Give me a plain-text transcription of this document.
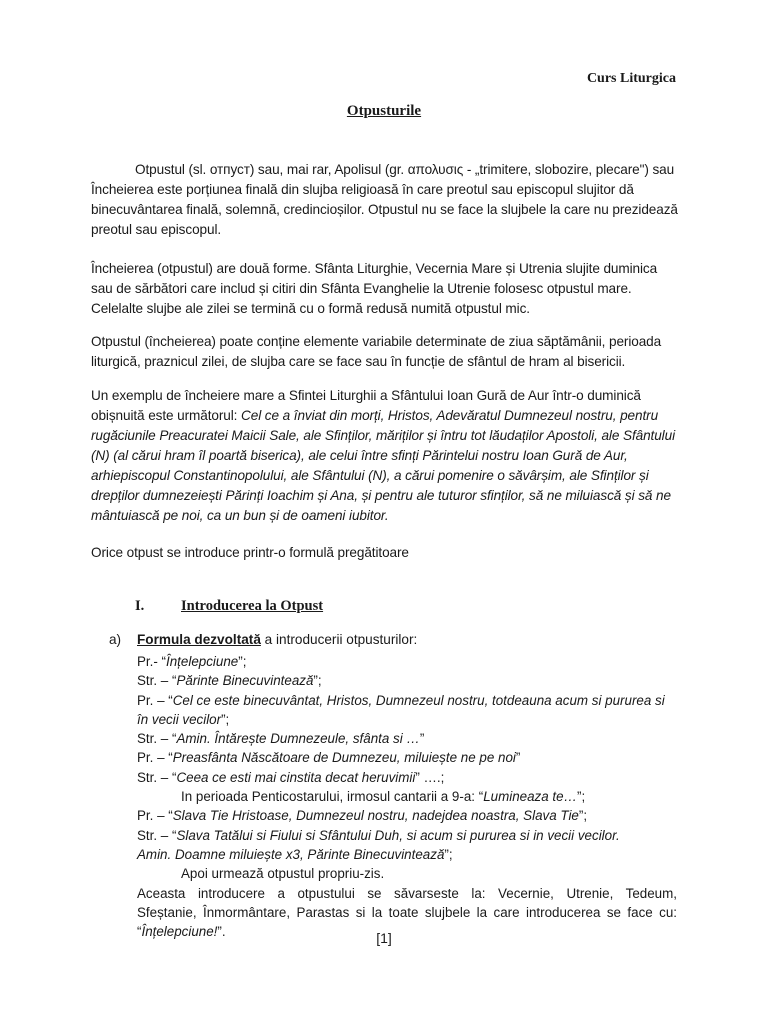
Curs Liturgica
Otpusturile

Otpustul (sl. отпуст) sau, mai rar, Apolisul (gr. απολυσις - „trimitere, slobozire, plecare") sau Încheierea este porțiunea finală din slujba religioasă în care preotul sau episcopul slujitor dă binecuvântarea finală, solemnă, credincioșilor. Otpustul nu se face la slujbele la care nu prezidează preotul sau episcopul.

Încheierea (otpustul) are două forme. Sfânta Liturghie, Vecernia Mare și Utrenia slujite duminica sau de sărbători care includ și citiri din Sfânta Evanghelie la Utrenie folosesc otpustul mare. Celelalte slujbe ale zilei se termină cu o formă redusă numită otpustul mic.

Otpustul (încheierea) poate conține elemente variabile determinate de ziua săptămânii, perioada liturgică, praznicul zilei, de slujba care se face sau în funcție de sfântul de hram al bisericii.

Un exemplu de încheiere mare a Sfintei Liturghii a Sfântului Ioan Gură de Aur într-o duminică obișnuită este următorul: Cel ce a înviat din morți, Hristos, Adevăratul Dumnezeul nostru, pentru rugăciunile Preacuratei Maicii Sale, ale Sfinților, măriților și întru tot lăudaților Apostoli, ale Sfântului (N) (al cărui hram îl poartă biserica), ale celui între sfinți Părintelui nostru Ioan Gură de Aur, arhiepiscopul Constantinopolului, ale Sfântului (N), a cărui pomenire o săvârșim, ale Sfinților și drepților dumnezeiești Părinți Ioachim și Ana, și pentru ale tuturor sfinților, să ne miluiască și să ne mântuiască pe noi, ca un bun și de oameni iubitor.

Orice otpust se introduce printr-o formulă pregătitoare

I.	Introducerea la Otpust
a) Formula dezvoltată a introducerii otpusturilor:
Pr.- “Înțelepciune”;
Str. – “Părinte Binecuvintează”;
Pr. – “Cel ce este binecuvântat, Hristos, Dumnezeul nostru, totdeauna acum si pururea si
în vecii vecilor”;
Str. – “Amin. Întărește Dumnezeule, sfânta si …”
Pr. – “Preasfânta Născătoare de Dumnezeu, miluiește ne pe noi”
Str. – “Ceea ce esti mai cinstita decat heruvimii” ….;
In perioada Penticostarului, irmosul cantarii a 9-a: “Lumineaza te…”;
Pr. – “Slava Tie Hristoase, Dumnezeul nostru, nadejdea noastra, Slava Tie”;
Str. – “Slava Tatălui si Fiului si Sfântului Duh, si acum si pururea si in vecii vecilor.
Amin. Doamne miluiește x3, Părinte Binecuvintează”;
Apoi urmează otpustul propriu-zis.
Aceasta introducere a otpustului se săvarseste la: Vecernie, Utrenie, Tedeum,
Sfeștanie, Înmormântare, Parastas si la toate slujbele la care introducerea se face cu:
“Înțelepciune!”.	[1]
